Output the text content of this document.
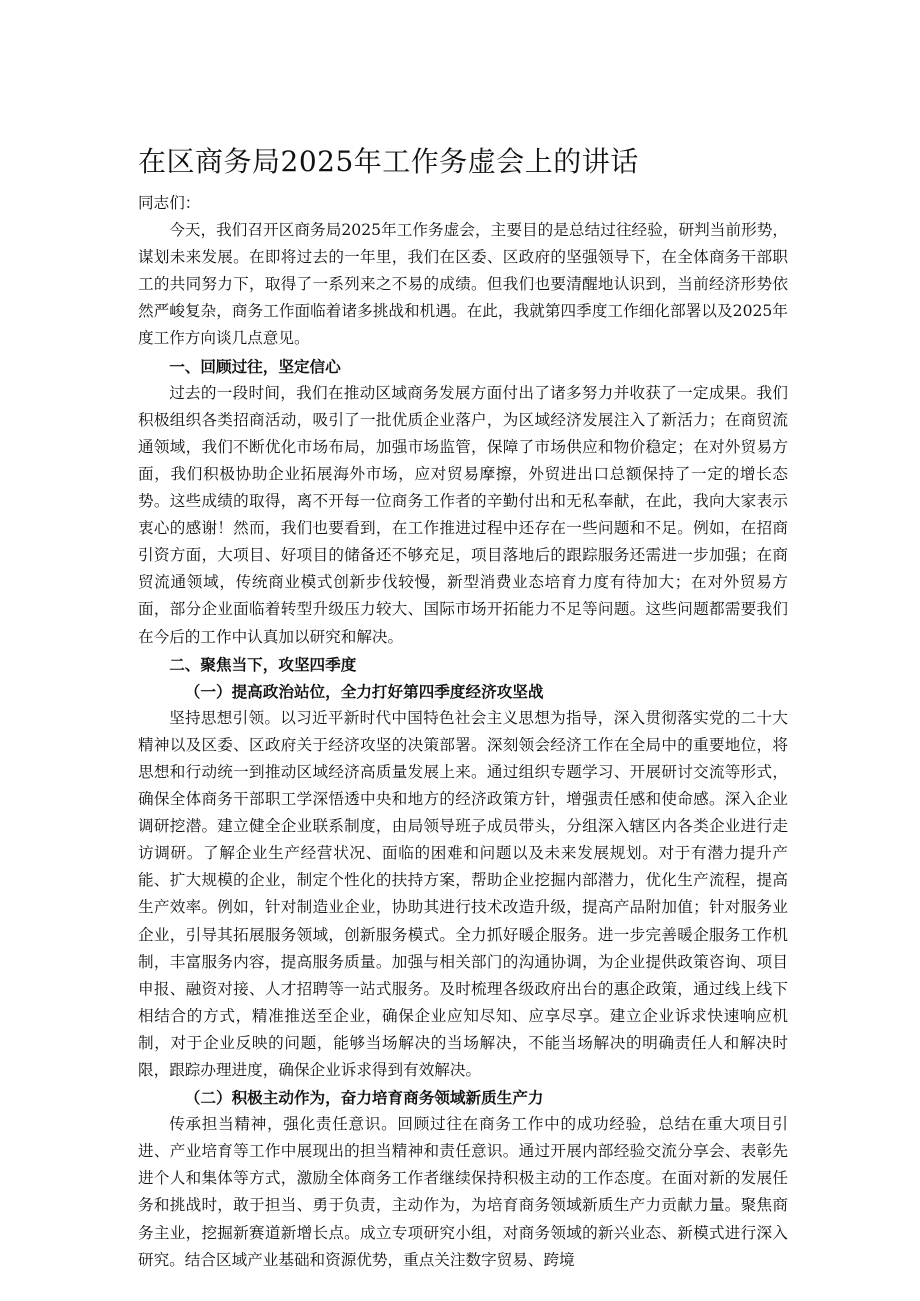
在区商务局2025年工作务虚会上的讲话

同志们：

今天，我们召开区商务局2025年工作务虚会，主要目的是总结过往经验，研判当前形势，谋划未来发展。在即将过去的一年里，我们在区委、区政府的坚强领导下，在全体商务干部职工的共同努力下，取得了一系列来之不易的成绩。但我们也要清醒地认识到，当前经济形势依然严峻复杂，商务工作面临着诸多挑战和机遇。在此，我就第四季度工作细化部署以及2025年度工作方向谈几点意见。

一、回顾过往，坚定信心

过去的一段时间，我们在推动区域商务发展方面付出了诸多努力并收获了一定成果。我们积极组织各类招商活动，吸引了一批优质企业落户，为区域经济发展注入了新活力；在商贸流通领域，我们不断优化市场布局，加强市场监管，保障了市场供应和物价稳定；在对外贸易方面，我们积极协助企业拓展海外市场，应对贸易摩擦，外贸进出口总额保持了一定的增长态势。这些成绩的取得，离不开每一位商务工作者的辛勤付出和无私奉献，在此，我向大家表示衷心的感谢！然而，我们也要看到，在工作推进过程中还存在一些问题和不足。例如，在招商引资方面，大项目、好项目的储备还不够充足，项目落地后的跟踪服务还需进一步加强；在商贸流通领域，传统商业模式创新步伐较慢，新型消费业态培育力度有待加大；在对外贸易方面，部分企业面临着转型升级压力较大、国际市场开拓能力不足等问题。这些问题都需要我们在今后的工作中认真加以研究和解决。

二、聚焦当下，攻坚四季度

（一）提高政治站位，全力打好第四季度经济攻坚战

坚持思想引领。以习近平新时代中国特色社会主义思想为指导，深入贯彻落实党的二十大精神以及区委、区政府关于经济攻坚的决策部署。深刻领会经济工作在全局中的重要地位，将思想和行动统一到推动区域经济高质量发展上来。通过组织专题学习、开展研讨交流等形式，确保全体商务干部职工学深悟透中央和地方的经济政策方针，增强责任感和使命感。深入企业调研挖潜。建立健全企业联系制度，由局领导班子成员带头，分组深入辖区内各类企业进行走访调研。了解企业生产经营状况、面临的困难和问题以及未来发展规划。对于有潜力提升产能、扩大规模的企业，制定个性化的扶持方案，帮助企业挖掘内部潜力，优化生产流程，提高生产效率。例如，针对制造业企业，协助其进行技术改造升级，提高产品附加值；针对服务业企业，引导其拓展服务领域，创新服务模式。全力抓好暖企服务。进一步完善暖企服务工作机制，丰富服务内容，提高服务质量。加强与相关部门的沟通协调，为企业提供政策咨询、项目申报、融资对接、人才招聘等一站式服务。及时梳理各级政府出台的惠企政策，通过线上线下相结合的方式，精准推送至企业，确保企业应知尽知、应享尽享。建立企业诉求快速响应机制，对于企业反映的问题，能够当场解决的当场解决，不能当场解决的明确责任人和解决时限，跟踪办理进度，确保企业诉求得到有效解决。

（二）积极主动作为，奋力培育商务领域新质生产力

传承担当精神，强化责任意识。回顾过往在商务工作中的成功经验，总结在重大项目引进、产业培育等工作中展现出的担当精神和责任意识。通过开展内部经验交流分享会、表彰先进个人和集体等方式，激励全体商务工作者继续保持积极主动的工作态度。在面对新的发展任务和挑战时，敢于担当、勇于负责，主动作为，为培育商务领域新质生产力贡献力量。聚焦商务主业，挖掘新赛道新增长点。成立专项研究小组，对商务领域的新兴业态、新模式进行深入研究。结合区域产业基础和资源优势，重点关注数字贸易、跨境
